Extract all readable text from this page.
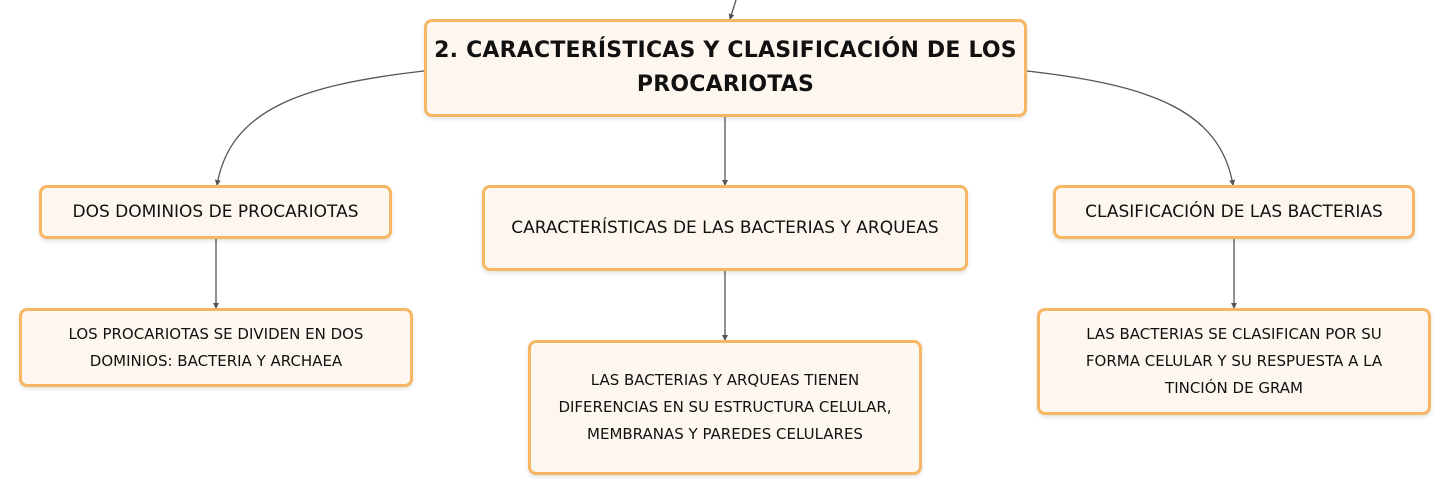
2. CARACTERÍSTICAS Y CLASIFICACIÓN DE LOS PROCARIOTAS
DOS DOMINIOS DE PROCARIOTAS
CARACTERÍSTICAS DE LAS BACTERIAS Y ARQUEAS
CLASIFICACIÓN DE LAS BACTERIAS
LOS PROCARIOTAS SE DIVIDEN EN DOS DOMINIOS: BACTERIA Y ARCHAEA
LAS BACTERIAS Y ARQUEAS TIENEN DIFERENCIAS EN SU ESTRUCTURA CELULAR, MEMBRANAS Y PAREDES CELULARES
LAS BACTERIAS SE CLASIFICAN POR SU FORMA CELULAR Y SU RESPUESTA A LA TINCIÓN DE GRAM
